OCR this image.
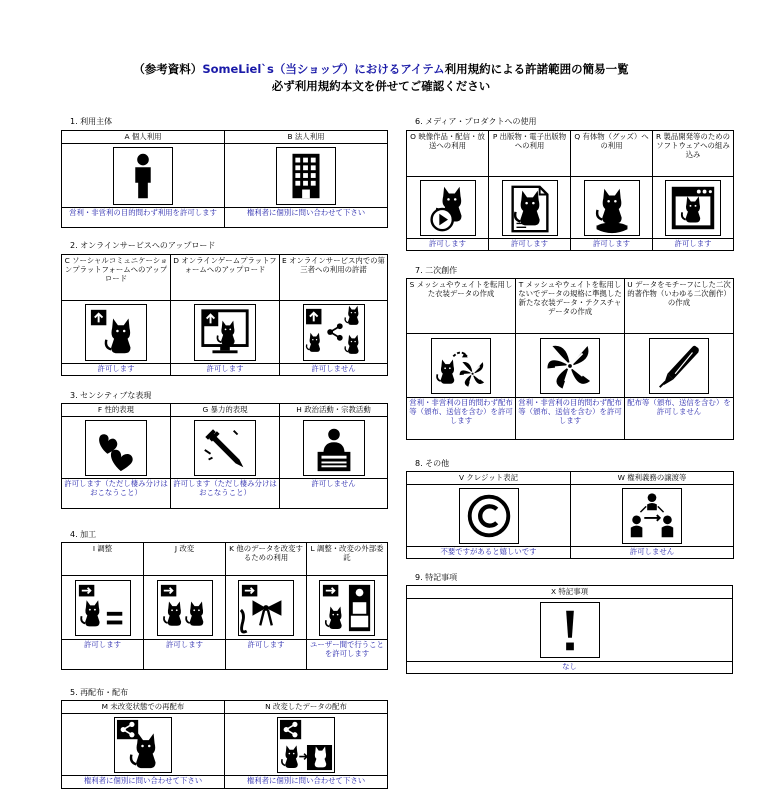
（参考資料）SomeLiel`s（当ショップ）におけるアイテム利用規約による許諾範囲の簡易一覧
必ず利用規約本文を併せてご確認ください
1. 利用主体
A 個人利用	B 法人利用

営利・非営利の目的問わず利用を許可します	権利者に個別に問い合わせて下さい
2. オンラインサービスへのアップロード
C ソーシャルコミュニケーションプラットフォームへのアップロード	D オンラインゲームプラットフォームへのアップロード	E オンラインサービス内での第三者への利用の許諾

許可します	許可します	許可しません
3. センシティブな表現
F 性的表現	G 暴力的表現	H 政治活動・宗教活動

許可します（ただし棲み分けはおこなうこと）	許可します（ただし棲み分けはおこなうこと）	許可しません
4. 加工
I 調整	J 改変	K 他のデータを改変するための利用	L 調整・改変の外部委託

許可します	許可します	許可します	ユーザー間で行うことを許可します
5. 再配布・配布
M 未改変状態での再配布	N 改変したデータの配布

権利者に個別に問い合わせて下さい	権利者に個別に問い合わせて下さい
6. メディア・プロダクトへの使用
O 映像作品・配信・放送への利用	P 出版物・電子出版物への利用	Q 有体物（グッズ）への利用	R 製品開発等のためのソフトウェアへの組み込み

許可します	許可します	許可します	許可します
7. 二次創作
S メッシュやウェイトを転用した衣装データの作成	T メッシュやウェイトを転用しないでデータの規格に準拠した新たな衣装データ・テクスチャデータの作成	U データをモチーフにした二次的著作物（いわゆる二次創作）の作成

営利・非営利の目的問わず配布等（頒布、送信を含む）を許可します	営利・非営利の目的問わず配布等（頒布、送信を含む）を許可します	配布等（頒布、送信を含む）を許可しません
8. その他
V クレジット表記	W 権利義務の譲渡等

不要ですがあると嬉しいです	許可しません
9. 特記事項
X 特記事項

なし
